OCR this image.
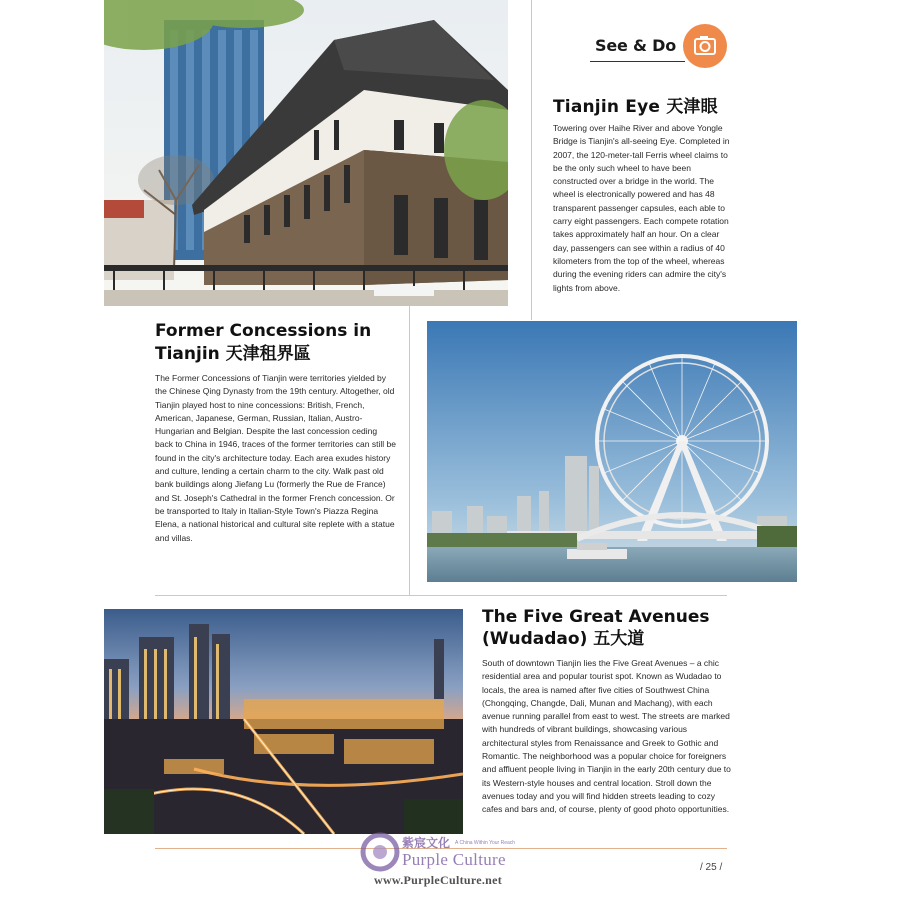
See & Do
Tianjin Eye 天津眼
Towering over Haihe River and above Yongle Bridge is Tianjin's all-seeing Eye. Completed in 2007, the 120-meter-tall Ferris wheel claims to be the only such wheel to have been constructed over a bridge in the world. The wheel is electronically powered and has 48 transparent passenger capsules, each able to carry eight passengers. Each compete rotation takes approximately half an hour. On a clear day, passengers can see within a radius of 40 kilometers from the top of the wheel, whereas during the evening riders can admire the city's lights from above.
Former Concessions in
Tianjin 天津租界區
The Former Concessions of Tianjin were territories yielded by the Chinese Qing Dynasty from the 19th century. Altogether, old Tianjin played host to nine concessions: British, French, American, Japanese, German, Russian, Italian, Austro-Hungarian and Belgian. Despite the last concession ceding back to China in 1946, traces of the former territories can still be found in the city's architecture today. Each area exudes history and culture, lending a certain charm to the city. Walk past old bank buildings along Jiefang Lu (formerly the Rue de France) and St. Joseph's Cathedral in the former French concession. Or be transported to Italy in Italian-Style Town's Piazza Regina Elena, a national historical and cultural site replete with a statue and villas.
The Five Great Avenues
(Wudadao) 五大道
South of downtown Tianjin lies the Five Great Avenues – a chic residential area and popular tourist spot. Known as Wudadao to locals, the area is named after five cities of Southwest China (Chongqing, Changde, Dali, Munan and Machang), with each avenue running parallel from east to west. The streets are marked with hundreds of vibrant buildings, showcasing various architectural styles from Renaissance and Greek to Gothic and Romantic. The neighborhood was a popular choice for foreigners and affluent people living in Tianjin in the early 20th century due to its Western-style houses and central location. Stroll down the avenues today and you will find hidden streets leading to cozy cafes and bars and, of course, plenty of good photo opportunities.
紫宸文化 A China Within Your Reach
Purple Culture
www.PurpleCulture.net
/ 25 /
